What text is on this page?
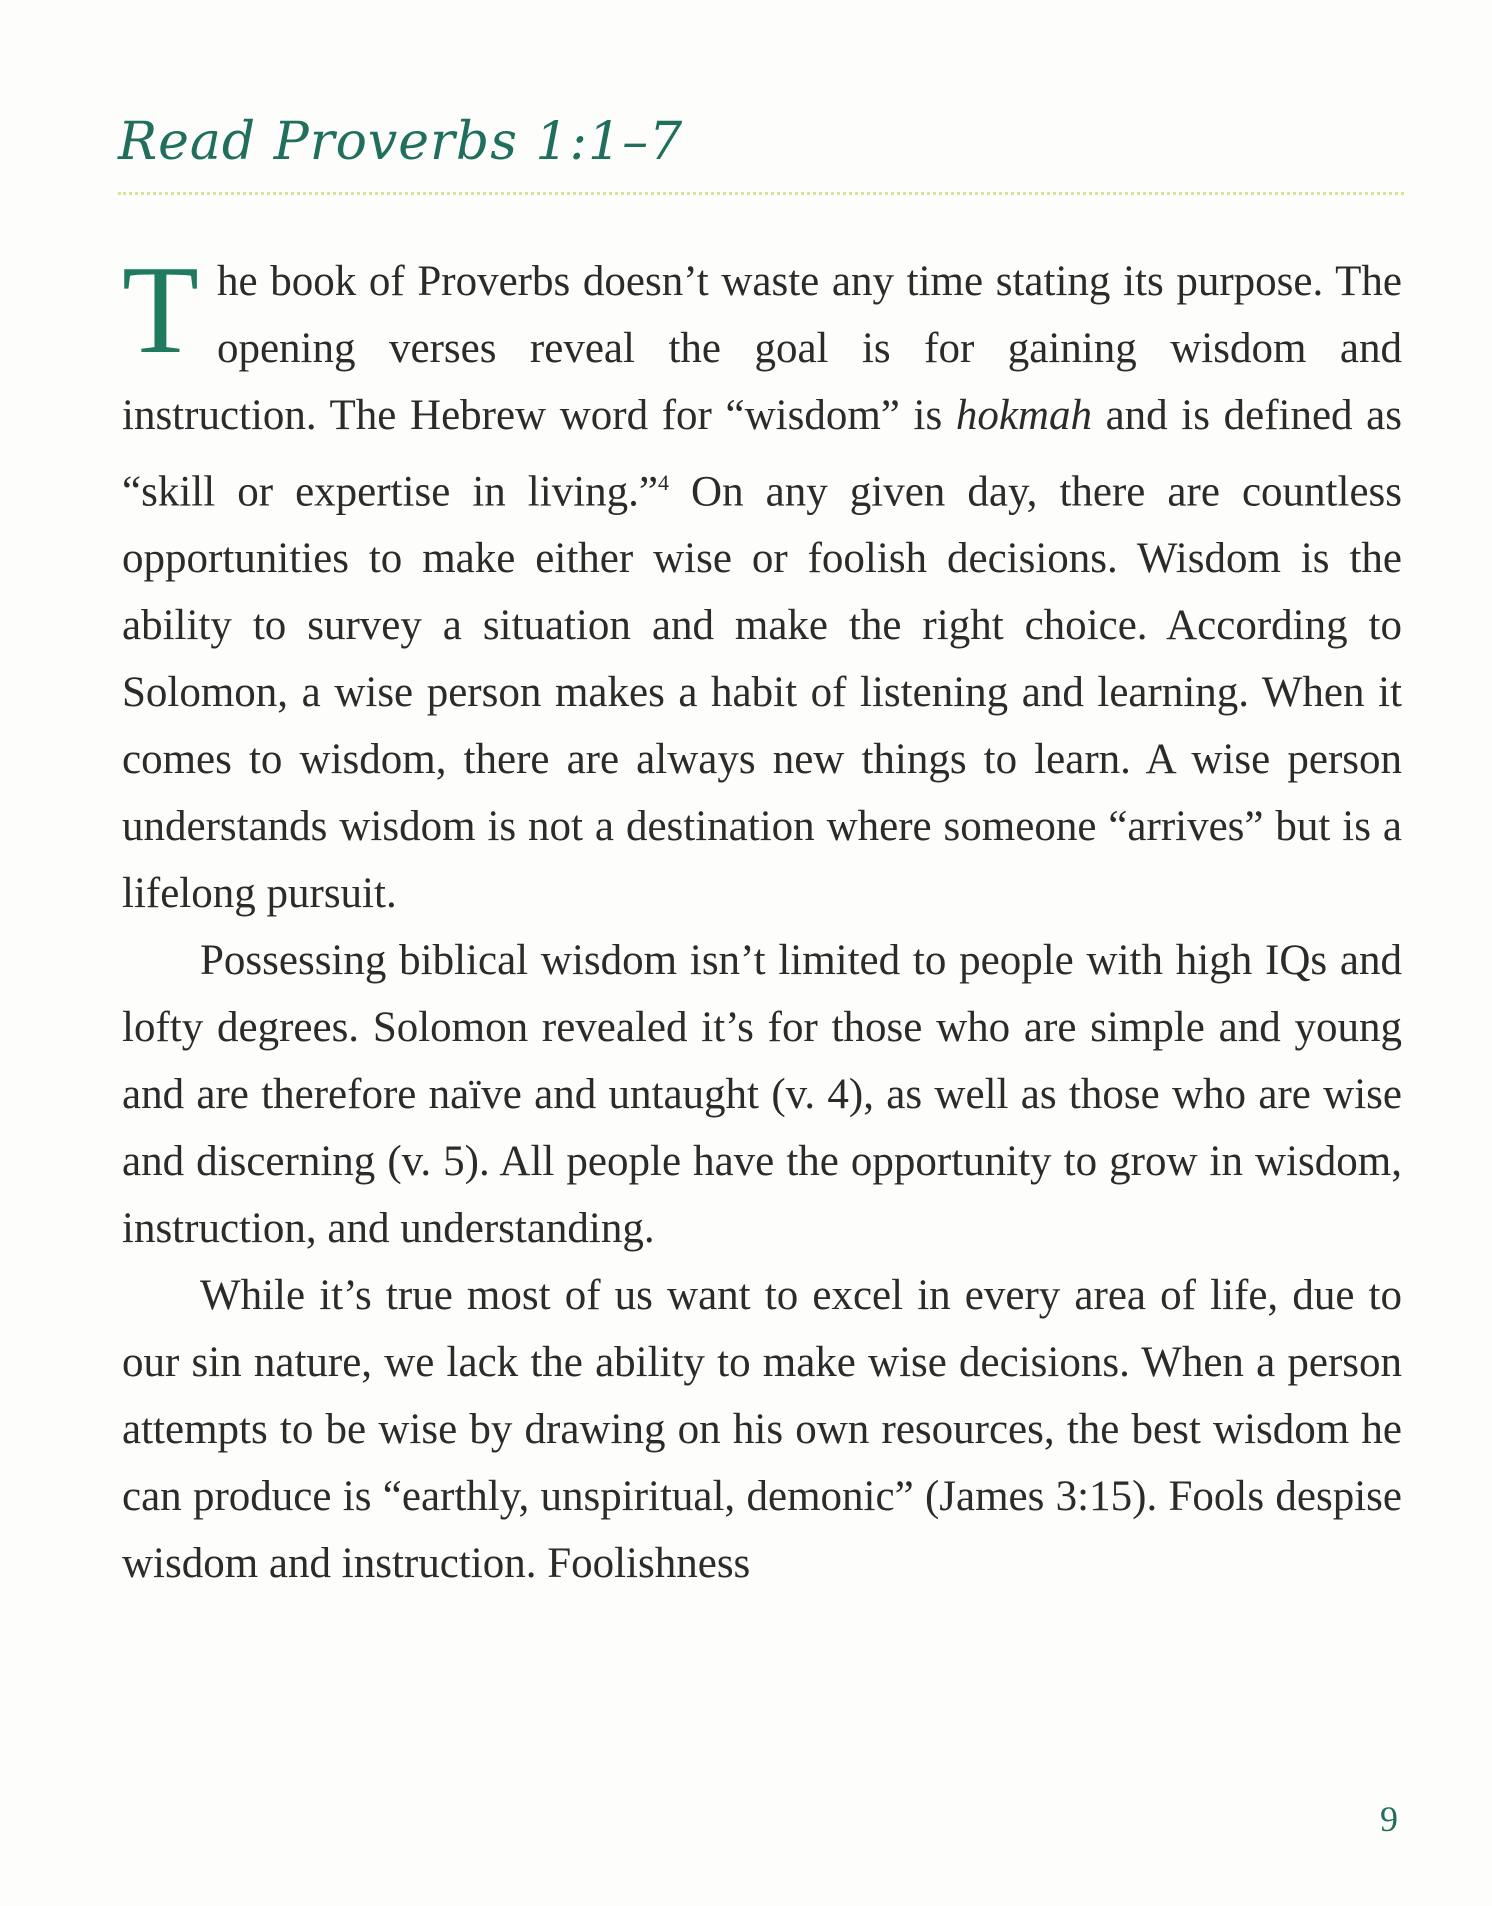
Read Proverbs 1:1–7

The book of Proverbs doesn’t waste any time stating its purpose. The opening verses reveal the goal is for gaining wisdom and instruction. The Hebrew word for “wisdom” is hokmah and is defined as “skill or expertise in living.”$^4$ On any given day, there are countless opportunities to make either wise or foolish decisions. Wisdom is the ability to survey a situation and make the right choice. According to Solomon, a wise person makes a habit of listening and learning. When it comes to wisdom, there are always new things to learn. A wise person understands wisdom is not a destination where someone “arrives” but is a lifelong pursuit.

Possessing biblical wisdom isn’t limited to people with high IQs and lofty degrees. Solomon revealed it’s for those who are simple and young and are therefore naïve and untaught (v. 4), as well as those who are wise and discerning (v. 5). All people have the opportunity to grow in wisdom, instruction, and understanding.

While it’s true most of us want to excel in every area of life, due to our sin nature, we lack the ability to make wise decisions. When a person attempts to be wise by drawing on his own resources, the best wisdom he can produce is “earthly, unspiritual, demonic” (James 3:15). Fools despise wisdom and instruction. Foolishness

9
